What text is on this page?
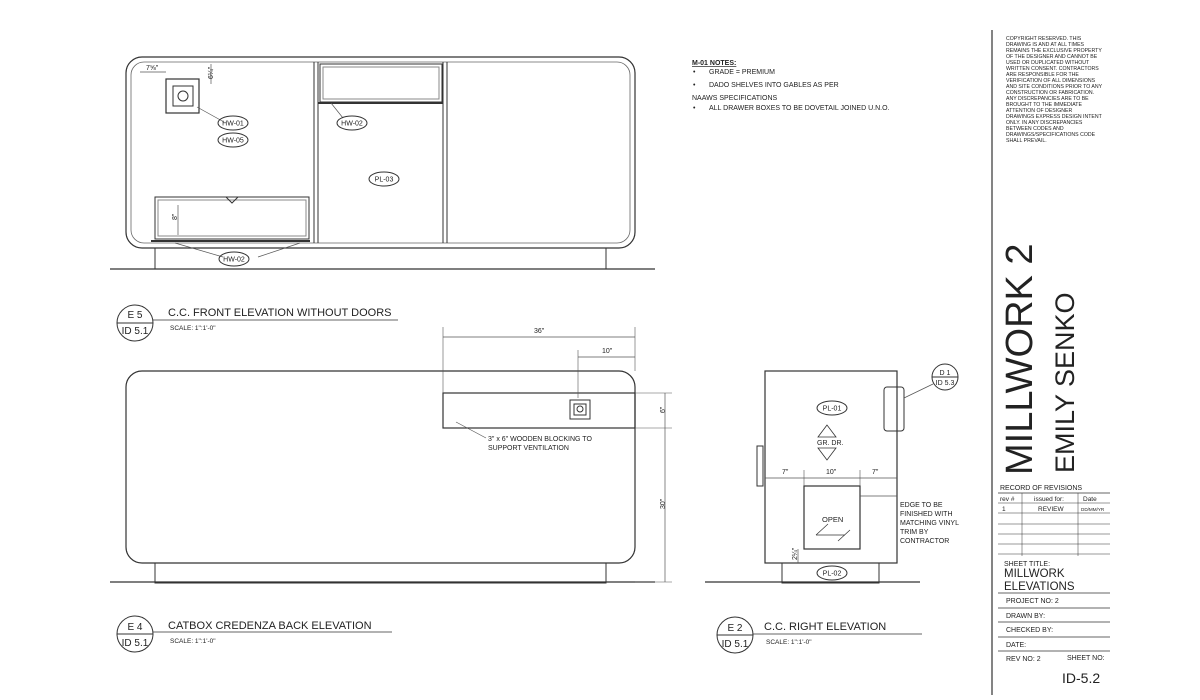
7⅝"	6¼"
8"
HW-01
HW-05
HW-02
PL-03
HW-02
E 5
ID 5.1
C.C. FRONT ELEVATION WITHOUT DOORS
SCALE: 1":1'-0"
E 4
ID 5.1
CATBOX CREDENZA BACK ELEVATION
SCALE: 1":1'-0"
E 2
ID 5.1
C.C. RIGHT ELEVATION
SCALE: 1":1'-0"
36"
10"
6"
30"
3" x 6" WOODEN BLOCKING TO
SUPPORT VENTILATION
PL-01
PL-02
GR. DR.
OPEN
7"	10"	7"
2¼"
EDGE TO BE
FINISHED WITH
MATCHING VINYL
TRIM BY
CONTRACTOR
D 1
ID 5.3
M-01 NOTES:
• GRADE = PREMIUM
• DADO SHELVES INTO GABLES AS PER
NAAWS SPECIFICATIONS
• ALL DRAWER BOXES TO BE DOVETAIL JOINED U.N.O.
COPYRIGHT RESERVED. THIS
DRAWING IS AND AT ALL TIMES
REMAINS THE EXCLUSIVE PROPERTY
OF THE DESIGNER AND CANNOT BE
USED OR DUPLICATED WITHOUT
WRITTEN CONSENT. CONTRACTORS
ARE RESPONSIBLE FOR THE
VERIFICATION OF ALL DIMENSIONS
AND SITE CONDITIONS PRIOR TO ANY
CONSTRUCTION OR FABRICATION.
ANY DISCREPANCIES ARE TO BE
BROUGHT TO THE IMMEDIATE
ATTENTION OF DESIGNER
DRAWINGS EXPRESS DESIGN INTENT
ONLY. IN ANY DISCREPANCIES
BETWEEN CODES AND
DRAWINGS/SPECIFICATIONS CODE
SHALL PREVAIL.
MILLWORK 2 EMILY SENKO
RECORD OF REVISIONS
rev #	issued for:	Date
1	REVIEW	DD/MM/YR
SHEET TITLE:
MILLWORK
ELEVATIONS
PROJECT NO: 2
DRAWN BY:
CHECKED BY:
DATE:
REV NO: 2	SHEET NO:
ID-5.2
